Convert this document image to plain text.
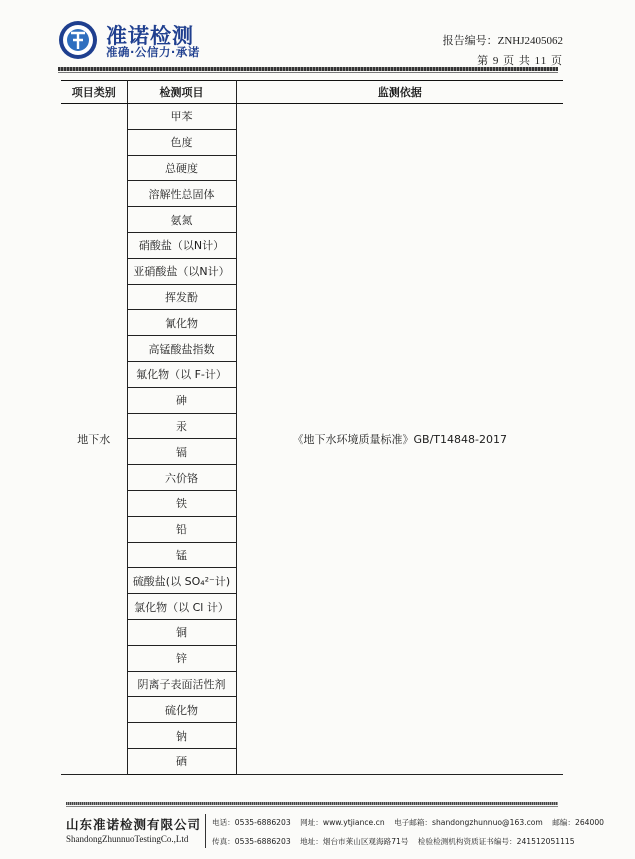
准诺检测
准确·公信力·承诺
报告编号：ZNHJ2405062
第 9 页 共 11 页
项目类别	检测项目	监测依据
地下水	甲苯	《地下水环境质量标准》GB/T14848-2017
	色度	
	总硬度	
	溶解性总固体	
	氨氮	
	硝酸盐（以N计）	
	亚硝酸盐（以N计）	
	挥发酚	
	氰化物	
	高锰酸盐指数	
	氟化物（以 F-计）	
	砷	
	汞	
	镉	
	六价铬	
	铁	
	铅	
	锰	
	硫酸盐(以 SO₄²⁻计)	
	氯化物（以 Cl 计）	
	铜	
	锌	
	阴离子表面活性剂	
	硫化物	
	钠	
	硒	
山东准诺检测有限公司
ShandongZhunnuoTestingCo.,Ltd
电话：0535-6886203 网址：www.ytjiance.cn 电子邮箱：shandongzhunnuo@163.com 邮编：264000
传真：0535-6886203 地址：烟台市莱山区观海路71号 检验检测机构资质证书编号：241512051115
